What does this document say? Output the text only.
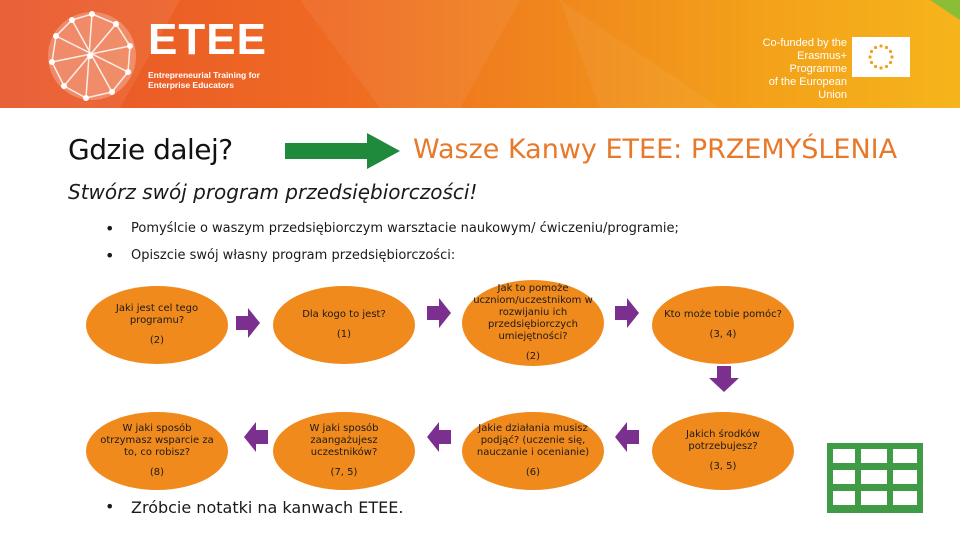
ETEE
Entrepreneurial Training for
Enterprise Educators
Co-funded by the
Erasmus+ Programme
of the European Union
Gdzie dalej?	Wasze Kanwy ETEE: PRZEMYŚLENIA
Stwórz swój program przedsiębiorczości!
• Pomyślcie o waszym przedsiębiorczym warsztacie naukowym/ ćwiczeniu/programie;
• Opiszcie swój własny program przedsiębiorczości:
Jaki jest cel tego programu?
(2)
Dla kogo to jest?
(1)
Jak to pomoże uczniom/uczestnikom w rozwijaniu ich przedsiębiorczych umiejętności?
(2)
Kto może tobie pomóc?
(3, 4)
W jaki sposób otrzymasz wsparcie za to, co robisz?
(8)
W jaki sposób zaangażujesz uczestników?
(7, 5)
Jakie działania musisz podjąć? (uczenie się, nauczanie i ocenianie)
(6)
Jakich środków potrzebujesz?
(3, 5)
• Zróbcie notatki na kanwach ETEE.
